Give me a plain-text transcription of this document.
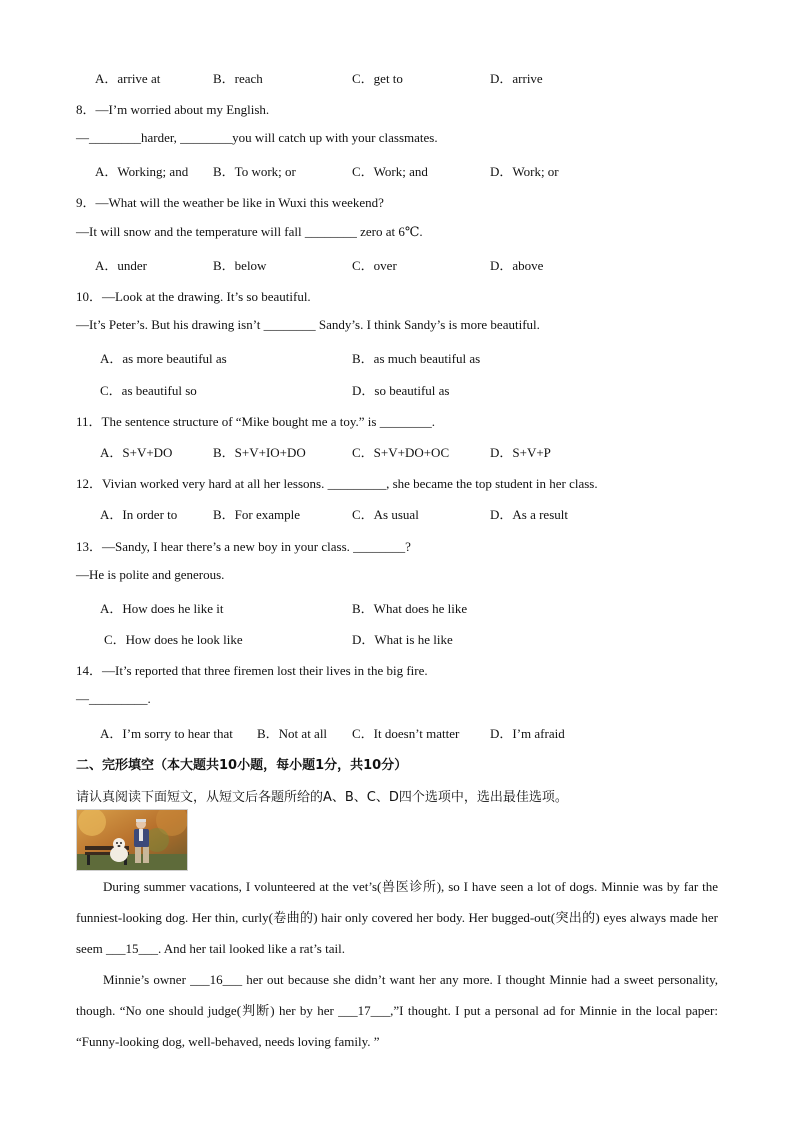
A．arrive at	B．reach	C．get to	D．arrive
8．—I’m worried about my English.
—________harder, ________you will catch up with your classmates.
A．Working; and B．To work; or	C．Work; and	D．Work; or
9．—What will the weather be like in Wuxi this weekend?
—It will snow and the temperature will fall ________ zero at 6℃.
A．under	B．below	C．over	D．above
10．—Look at the drawing. It’s so beautiful.
—It’s Peter’s. But his drawing isn’t ________ Sandy’s. I think Sandy’s is more beautiful.
A．as more beautiful as	B．as much beautiful as
C．as beautiful so	D．so beautiful as
11．The sentence structure of “Mike bought me a toy.” is ________.
A．S+V+DO	B．S+V+IO+DO	C．S+V+DO+OC	D．S+V+P
12．Vivian worked very hard at all her lessons. _________, she became the top student in her class.
A．In order to	B．For example	C．As usual	D．As a result
13．—Sandy, I hear there’s a new boy in your class. ________?
—He is polite and generous.
A．How does he like it	B．What does he like
C．How does he look like	D．What is he like
14．—It’s reported that three firemen lost their lives in the big fire.
—_________.
A．I’m sorry to hear that B．Not at all C．It doesn’t matter D．I’m afraid
二、完形填空（本大题共10小题，每小题1分，共10分）
请认真阅读下面短文，从短文后各题所给的A、B、C、D四个选项中，选出最佳选项。
During summer vacations, I volunteered at the vet’s(兽医诊所), so I have seen a lot of dogs. Minnie was by far the funniest-looking dog. Her thin, curly(卷曲的) hair only covered her body. Her bugged-out(突出的) eyes always made her seem ___15___. And her tail looked like a rat’s tail.
Minnie’s owner ___16___ her out because she didn’t want her any more. I thought Minnie had a sweet personality, though. “No one should judge(判断) her by her ___17___,”I thought. I put a personal ad for Minnie in the local paper: “Funny-looking dog, well-behaved, needs loving family. ”
